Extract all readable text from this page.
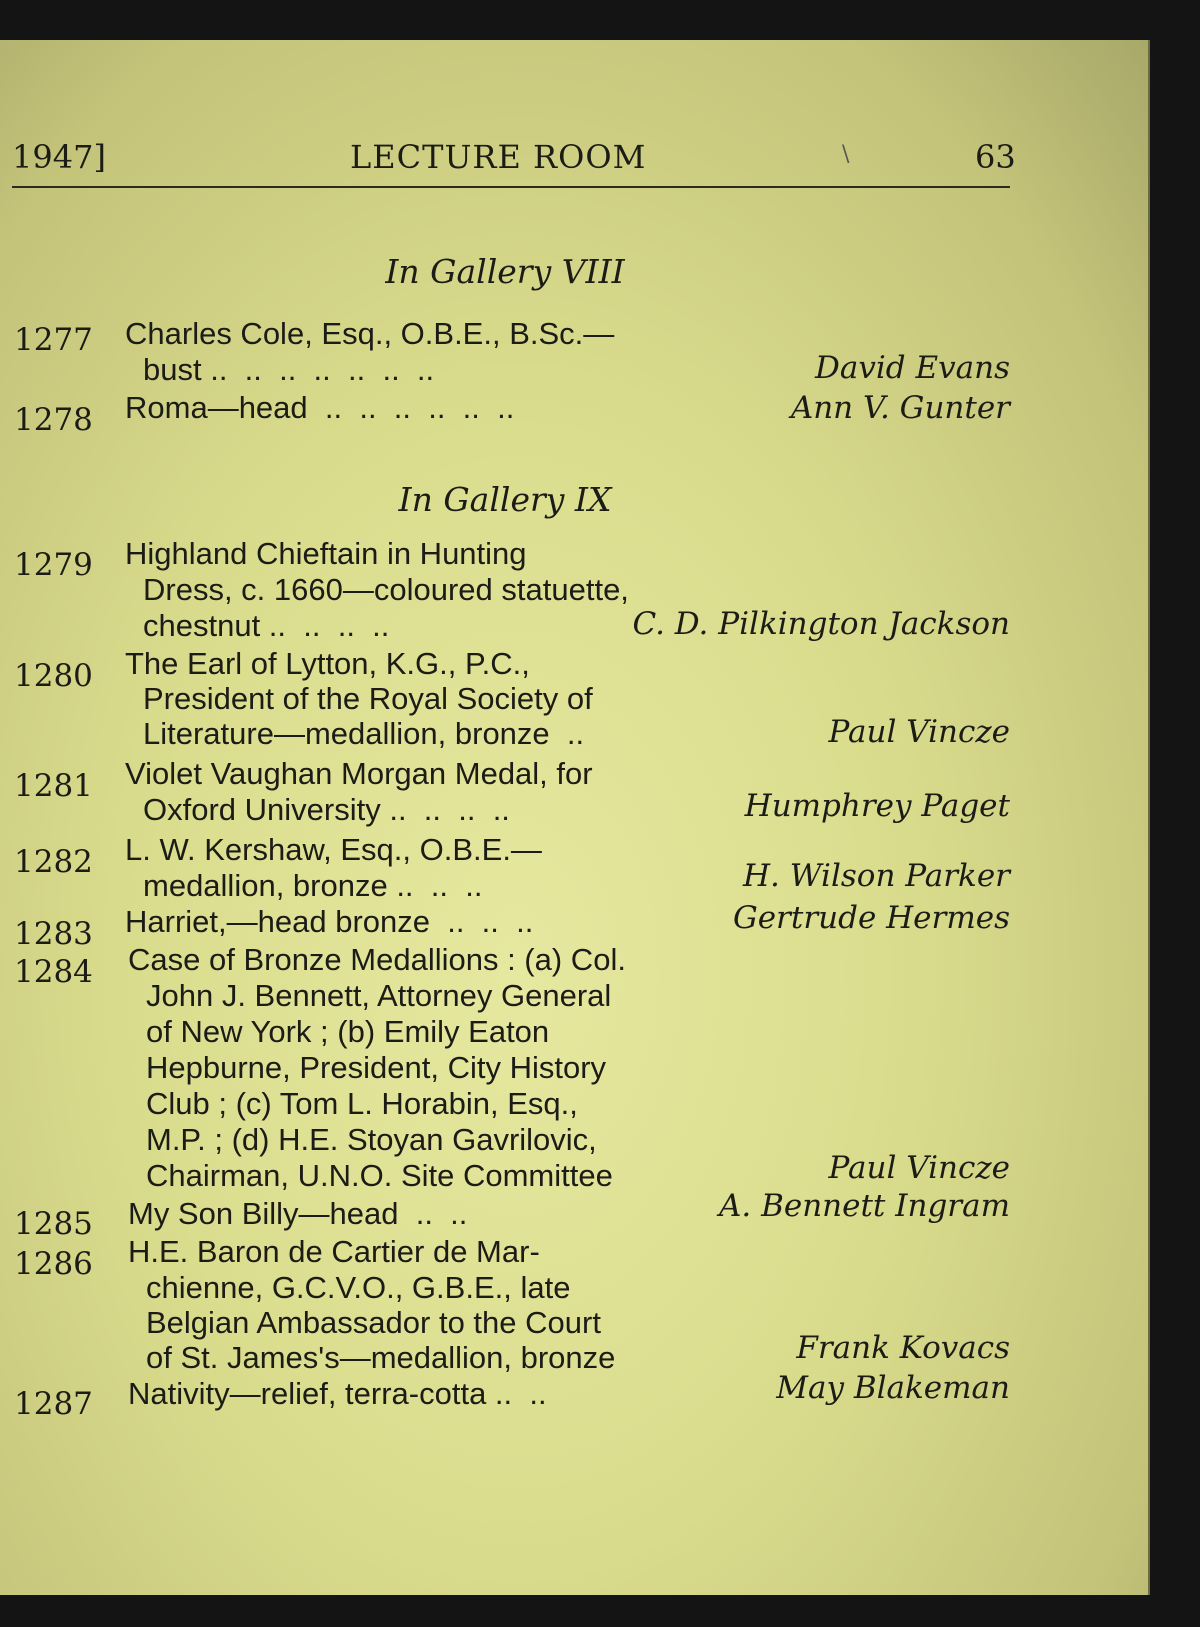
1947]	LECTURE ROOM	\	63
In Gallery VIII
1277 Charles Cole, Esq., O.B.E., B.Sc.—
bust ..  ..  ..  ..  ..  ..  ..	David Evans
1278 Roma—head  ..  ..  ..  ..  ..  ..	Ann V. Gunter
In Gallery IX
1279 Highland Chieftain in Hunting
Dress, c. 1660—coloured statuette,
chestnut ..  ..  ..  ..	C. D. Pilkington Jackson
1280 The Earl of Lytton, K.G., P.C.,
President of the Royal Society of
Literature—medallion, bronze  ..	Paul Vincze
1281 Violet Vaughan Morgan Medal, for
Oxford University ..  ..  ..  ..	Humphrey Paget
1282 L. W. Kershaw, Esq., O.B.E.—
medallion, bronze ..  ..  ..	H. Wilson Parker
1283 Harriet,—head bronze  ..  ..  ..	Gertrude Hermes
1284 Case of Bronze Medallions : (a) Col.
John J. Bennett, Attorney General
of New York ; (b) Emily Eaton
Hepburne, President, City History
Club ; (c) Tom L. Horabin, Esq.,
M.P. ; (d) H.E. Stoyan Gavrilovic,
Chairman, U.N.O. Site Committee	Paul Vincze
1285 My Son Billy—head  ..  ..	A. Bennett Ingram
1286 H.E. Baron de Cartier de Mar-
chienne, G.C.V.O., G.B.E., late
Belgian Ambassador to the Court
of St. James's—medallion, bronze	Frank Kovacs
1287 Nativity—relief, terra-cotta ..  ..	May Blakeman
